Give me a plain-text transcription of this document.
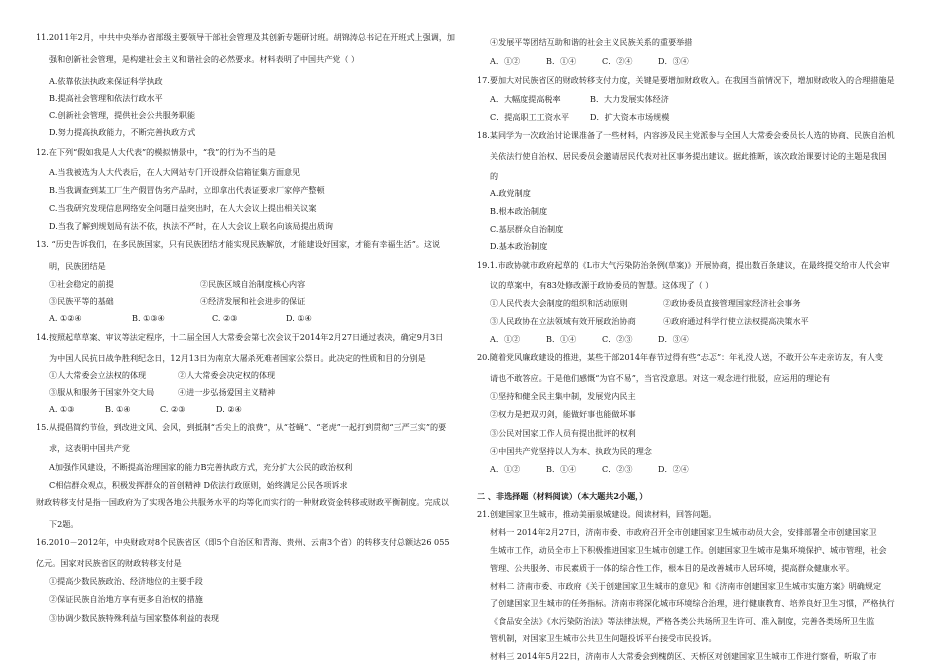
11.2011年2月，中共中央举办省部级主要领导干部社会管理及其创新专题研讨班。胡锦涛总书记在开班式上强调，加
强和创新社会管理，是构建社会主义和谐社会的必然要求。材料表明了中国共产党（ ）
A.依靠依法执政来保证科学执政
B.提高社会管理和依法行政水平
C.创新社会管理，提供社会公共服务职能
D.努力提高执政能力，不断完善执政方式
12.在下列“假如我是人大代表”的模拟情景中，“我”的行为不当的是
A.当我被选为人大代表后，在人大网站专门开设群众信箱征集方面意见
B.当我调查到某工厂生产假冒伪劣产品时，立即拿出代表证要求厂家停产整顿
C.当我研究发现信息网络安全问题日益突出时，在人大会议上提出相关议案
D.当我了解到规划局有法不依，执法不严时，在人大会议上联名向该局提出质询
13. “历史告诉我们，在多民族国家，只有民族团结才能实现民族解放，才能建设好国家，才能有幸福生活”。这说
明，民族团结是
①社会稳定的前提	②民族区域自治制度核心内容
③民族平等的基础	④经济发展和社会进步的保证
A. ①②④	B. ①③④	C. ②③	D. ①④
14.按照起草草案、审议等法定程序，十二届全国人大常委会第七次会议于2014年2月27日通过表决，确定9月3日
为中国人民抗日战争胜利纪念日，12月13日为南京大屠杀死难者国家公祭日。此决定的性质和目的分别是
①人大常委会立法权的体现	②人大常委会决定权的体现
③服从和服务于国家外交大局	④进一步弘扬爱国主义精神
A. ①③	B. ①④	C. ②③	D. ②④
15.从提倡简约节俭，到改进文风、会风，到抵制“舌尖上的浪费”，从“苍蝇”、“老虎”一起打到贯彻“三严三实”的要
求，这表明中国共产党
A加强作风建设，不断提高治理国家的能力B完善执政方式，充分扩大公民的政治权利
C相信群众观点，积极发挥群众的首创精神 D依法行政原则，始终满足公民各项诉求
财政转移支付是指一国政府为了实现各地公共服务水平的均等化而实行的一种财政资金转移或财政平衡制度。完成以
下2题。
16.2010－2012年，中央财政对8个民族省区（即5个自治区和青海、贵州、云南3个省）的转移支付总额达26 055
亿元。国家对民族省区的财政转移支付是
①提高少数民族政治、经济地位的主要手段
②保证民族自治地方享有更多自治权的措施
③协调少数民族特殊利益与国家整体利益的表现
④发展平等团结互助和谐的社会主义民族关系的重要举措
A．①②	B．①④	C．②④	D．③④
17.要加大对民族省区的财政转移支付力度，关键是要增加财政收入。在我国当前情况下，增加财政收入的合理措施是
A．大幅度提高税率	B．大力发展实体经济
C．提高职工工资水平	D．扩大资本市场规模
18.某同学为一次政治讨论课准备了一些材料，内容涉及民主党派参与全国人大常委会委员长人选的协商、民族自治机
关依法行使自治权、居民委员会邀请居民代表对社区事务提出建议。据此推断，该次政治课要讨论的主题是我国
的
A.政党制度
B.根本政治制度
C.基层群众自治制度
D.基本政治制度
19.1.市政协就市政府起草的《L市大气污染防治条例(草案)》开展协商，提出数百条建议，在最终提交给市人代会审
议的草案中，有83处修改源于政协委员的智慧。这体现了（ ）
①人民代表大会制度的组织和活动原则	②政协委员直接管理国家经济社会事务
③人民政协在立法领域有效开展政治协商	④政府通过科学行使立法权提高决策水平
A．①②	B．①④	C．②③	D．③④
20.随着党风廉政建设的推进，某些干部2014年春节过得有些“忐忑”：年礼没人送，不敢开公车走亲访友，有人变
请也不敢答应。于是他们感慨“为官不易”，当官没意思。对这一观念进行批驳，应运用的理论有
①坚持和健全民主集中制，发展党内民主
②权力是把双刃剑，能做好事也能做坏事
③公民对国家工作人员有提出批评的权利
④中国共产党坚持以人为本、执政为民的理念
A．①②	B．①④	C．②③	D．②④
二 、非选择题（材料阅读）（本大题共2小题，）
21.创建国家卫生城市，推动美丽泉城建设。阅读材料，回答问题。
材料一 2014年2月27日，济南市委、市政府召开全市创建国家卫生城市动员大会，安排部署全市创建国家卫
生城市工作，动员全市上下积极推进国家卫生城市创建工作。创建国家卫生城市是集环境保护、城市管理，社会
管理、公共服务、市民素质于一体的综合性工作，根本目的是改善城市人居环境，提高群众健康水平。
材料二 济南市委、市政府《关于创建国家卫生城市的意见》和《济南市创建国家卫生城市实施方案》明确规定
了创建国家卫生城市的任务指标。济南市将深化城市环境综合治理，进行健康教育、培养良好卫生习惯，严格执行
《食品安全法》《水污染防治法》等法律法规，严格各类公共场所卫生许可、准入制度，完善各类场所卫生监
管机制，对国家卫生城市公共卫生问题投诉平台接受市民投诉。
材料三 2014年5月22日，济南市人大常委会到槐荫区、天桥区对创建国家卫生城市工作进行察看，听取了市
